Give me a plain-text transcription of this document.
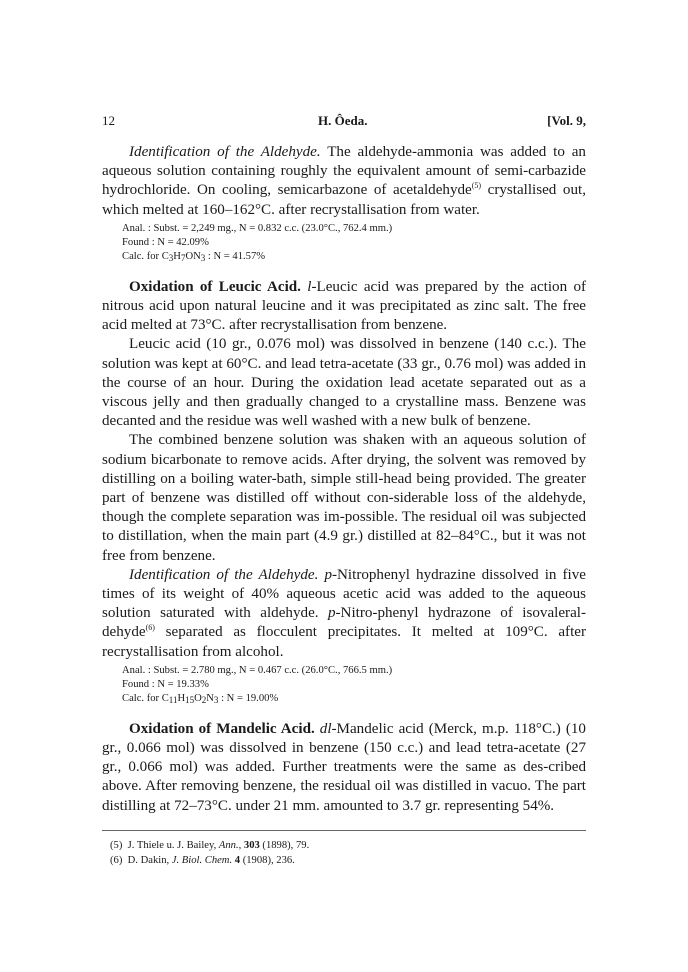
12	H. Ôeda.	[Vol. 9,

Identification of the Aldehyde. The aldehyde-ammonia was added to an aqueous solution containing roughly the equivalent amount of semi-carbazide hydrochloride. On cooling, semicarbazone of acetaldehyde$^{(5)}$ crystallised out, which melted at 160–162°C. after recrystallisation from water.

Anal. : Subst. = 2,249 mg., N = 0.832 c.c. (23.0°C., 762.4 mm.)
Found : N = 42.09%
Calc. for $C_3H_7ON_3$ : N = 41.57%

Oxidation of Leucic Acid. l-Leucic acid was prepared by the action of nitrous acid upon natural leucine and it was precipitated as zinc salt. The free acid melted at 73°C. after recrystallisation from benzene.

Leucic acid (10 gr., 0.076 mol) was dissolved in benzene (140 c.c.). The solution was kept at 60°C. and lead tetra-acetate (33 gr., 0.76 mol) was added in the course of an hour. During the oxidation lead acetate separated out as a viscous jelly and then gradually changed to a crystalline mass. Benzene was decanted and the residue was well washed with a new bulk of benzene.

The combined benzene solution was shaken with an aqueous solution of sodium bicarbonate to remove acids. After drying, the solvent was removed by distilling on a boiling water-bath, simple still-head being provided. The greater part of benzene was distilled off without con-siderable loss of the aldehyde, though the complete separation was im-possible. The residual oil was subjected to distillation, when the main part (4.9 gr.) distilled at 82–84°C., but it was not free from benzene.

Identification of the Aldehyde. p-Nitrophenyl hydrazine dissolved in five times of its weight of 40% aqueous acetic acid was added to the aqueous solution saturated with aldehyde. p-Nitro-phenyl hydrazone of isovaleral-dehyde$^{(6)}$ separated as flocculent precipitates. It melted at 109°C. after recrystallisation from alcohol.

Anal. : Subst. = 2.780 mg., N = 0.467 c.c. (26.0°C., 766.5 mm.)
Found : N = 19.33%
Calc. for $C_{11}H_{15}O_2N_3$ : N = 19.00%

Oxidation of Mandelic Acid. dl-Mandelic acid (Merck, m.p. 118°C.) (10 gr., 0.066 mol) was dissolved in benzene (150 c.c.) and lead tetra-acetate (27 gr., 0.066 mol) was added. Further treatments were the same as des-cribed above. After removing benzene, the residual oil was distilled in vacuo. The part distilling at 72–73°C. under 21 mm. amounted to 3.7 gr. representing 54%.

(5) J. Thiele u. J. Bailey, Ann., 303 (1898), 79.
(6) D. Dakin, J. Biol. Chem. 4 (1908), 236.
